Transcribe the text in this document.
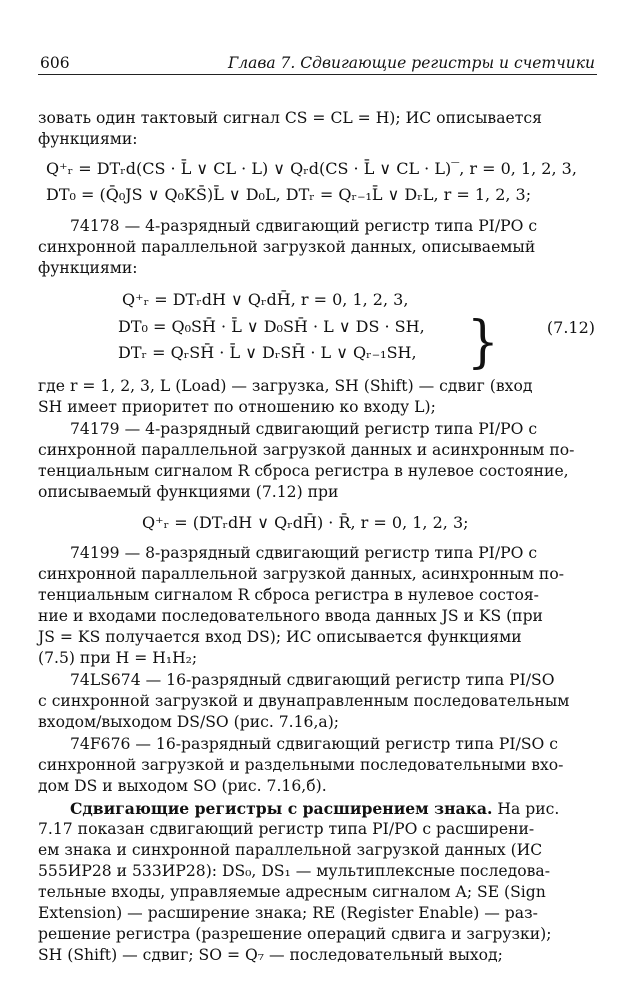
606	Глава 7. Сдвигающие регистры и счетчики
зовать один тактовый сигнал CS = CL = H); ИС описывается
функциями:
Q⁺ᵣ = DTᵣd(CS · L̄ ∨ CL · L) ∨ Qᵣd(CS · L̄ ∨ CL · L)‾, r = 0, 1, 2, 3,
DT₀ = (Q̄₀JS ∨ Q₀KS̄)L̄ ∨ D₀L, DTᵣ = Qᵣ₋₁L̄ ∨ DᵣL, r = 1, 2, 3;
74178 — 4-разрядный сдвигающий регистр типа PI/PO с
синхронной параллельной загрузкой данных, описываемый
функциями:
Q⁺ᵣ = DTᵣdH ∨ QᵣdH̄, r = 0, 1, 2, 3,
DT₀ = Q₀SH̄ · L̄ ∨ D₀SH̄ · L ∨ DS · SH,
DTᵣ = QᵣSH̄ · L̄ ∨ DᵣSH̄ · L ∨ Qᵣ₋₁SH, }	(7.12)
где r = 1, 2, 3, L (Load) — загрузка, SH (Shift) — сдвиг (вход
SH имеет приоритет по отношению ко входу L);
74179 — 4-разрядный сдвигающий регистр типа PI/PO с
синхронной параллельной загрузкой данных и асинхронным по-
тенциальным сигналом R сброса регистра в нулевое состояние,
описываемый функциями (7.12) при
Q⁺ᵣ = (DTᵣdH ∨ QᵣdH̄) · R̄, r = 0, 1, 2, 3;
74199 — 8-разрядный сдвигающий регистр типа PI/PO с
синхронной параллельной загрузкой данных, асинхронным по-
тенциальным сигналом R сброса регистра в нулевое состоя-
ние и входами последовательного ввода данных JS и KS (при
JS = KS получается вход DS); ИС описывается функциями
(7.5) при H = H₁H₂;
74LS674 — 16-разрядный сдвигающий регистр типа PI/SO
с синхронной загрузкой и двунаправленным последовательным
входом/выходом DS/SO (рис. 7.16,а);
74F676 — 16-разрядный сдвигающий регистр типа PI/SO с
синхронной загрузкой и раздельными последовательными вхо-
дом DS и выходом SO (рис. 7.16,б).
Сдвигающие регистры с расширением знака. На рис.
7.17 показан сдвигающий регистр типа PI/PO с расширени-
ем знака и синхронной параллельной загрузкой данных (ИС
555ИР28 и 533ИР28): DS₀, DS₁ — мультиплексные последова-
тельные входы, управляемые адресным сигналом A; SE (Sign
Extension) — расширение знака; RE (Register Enable) — раз-
решение регистра (разрешение операций сдвига и загрузки);
SH (Shift) — сдвиг; SO = Q₇ — последовательный выход;
